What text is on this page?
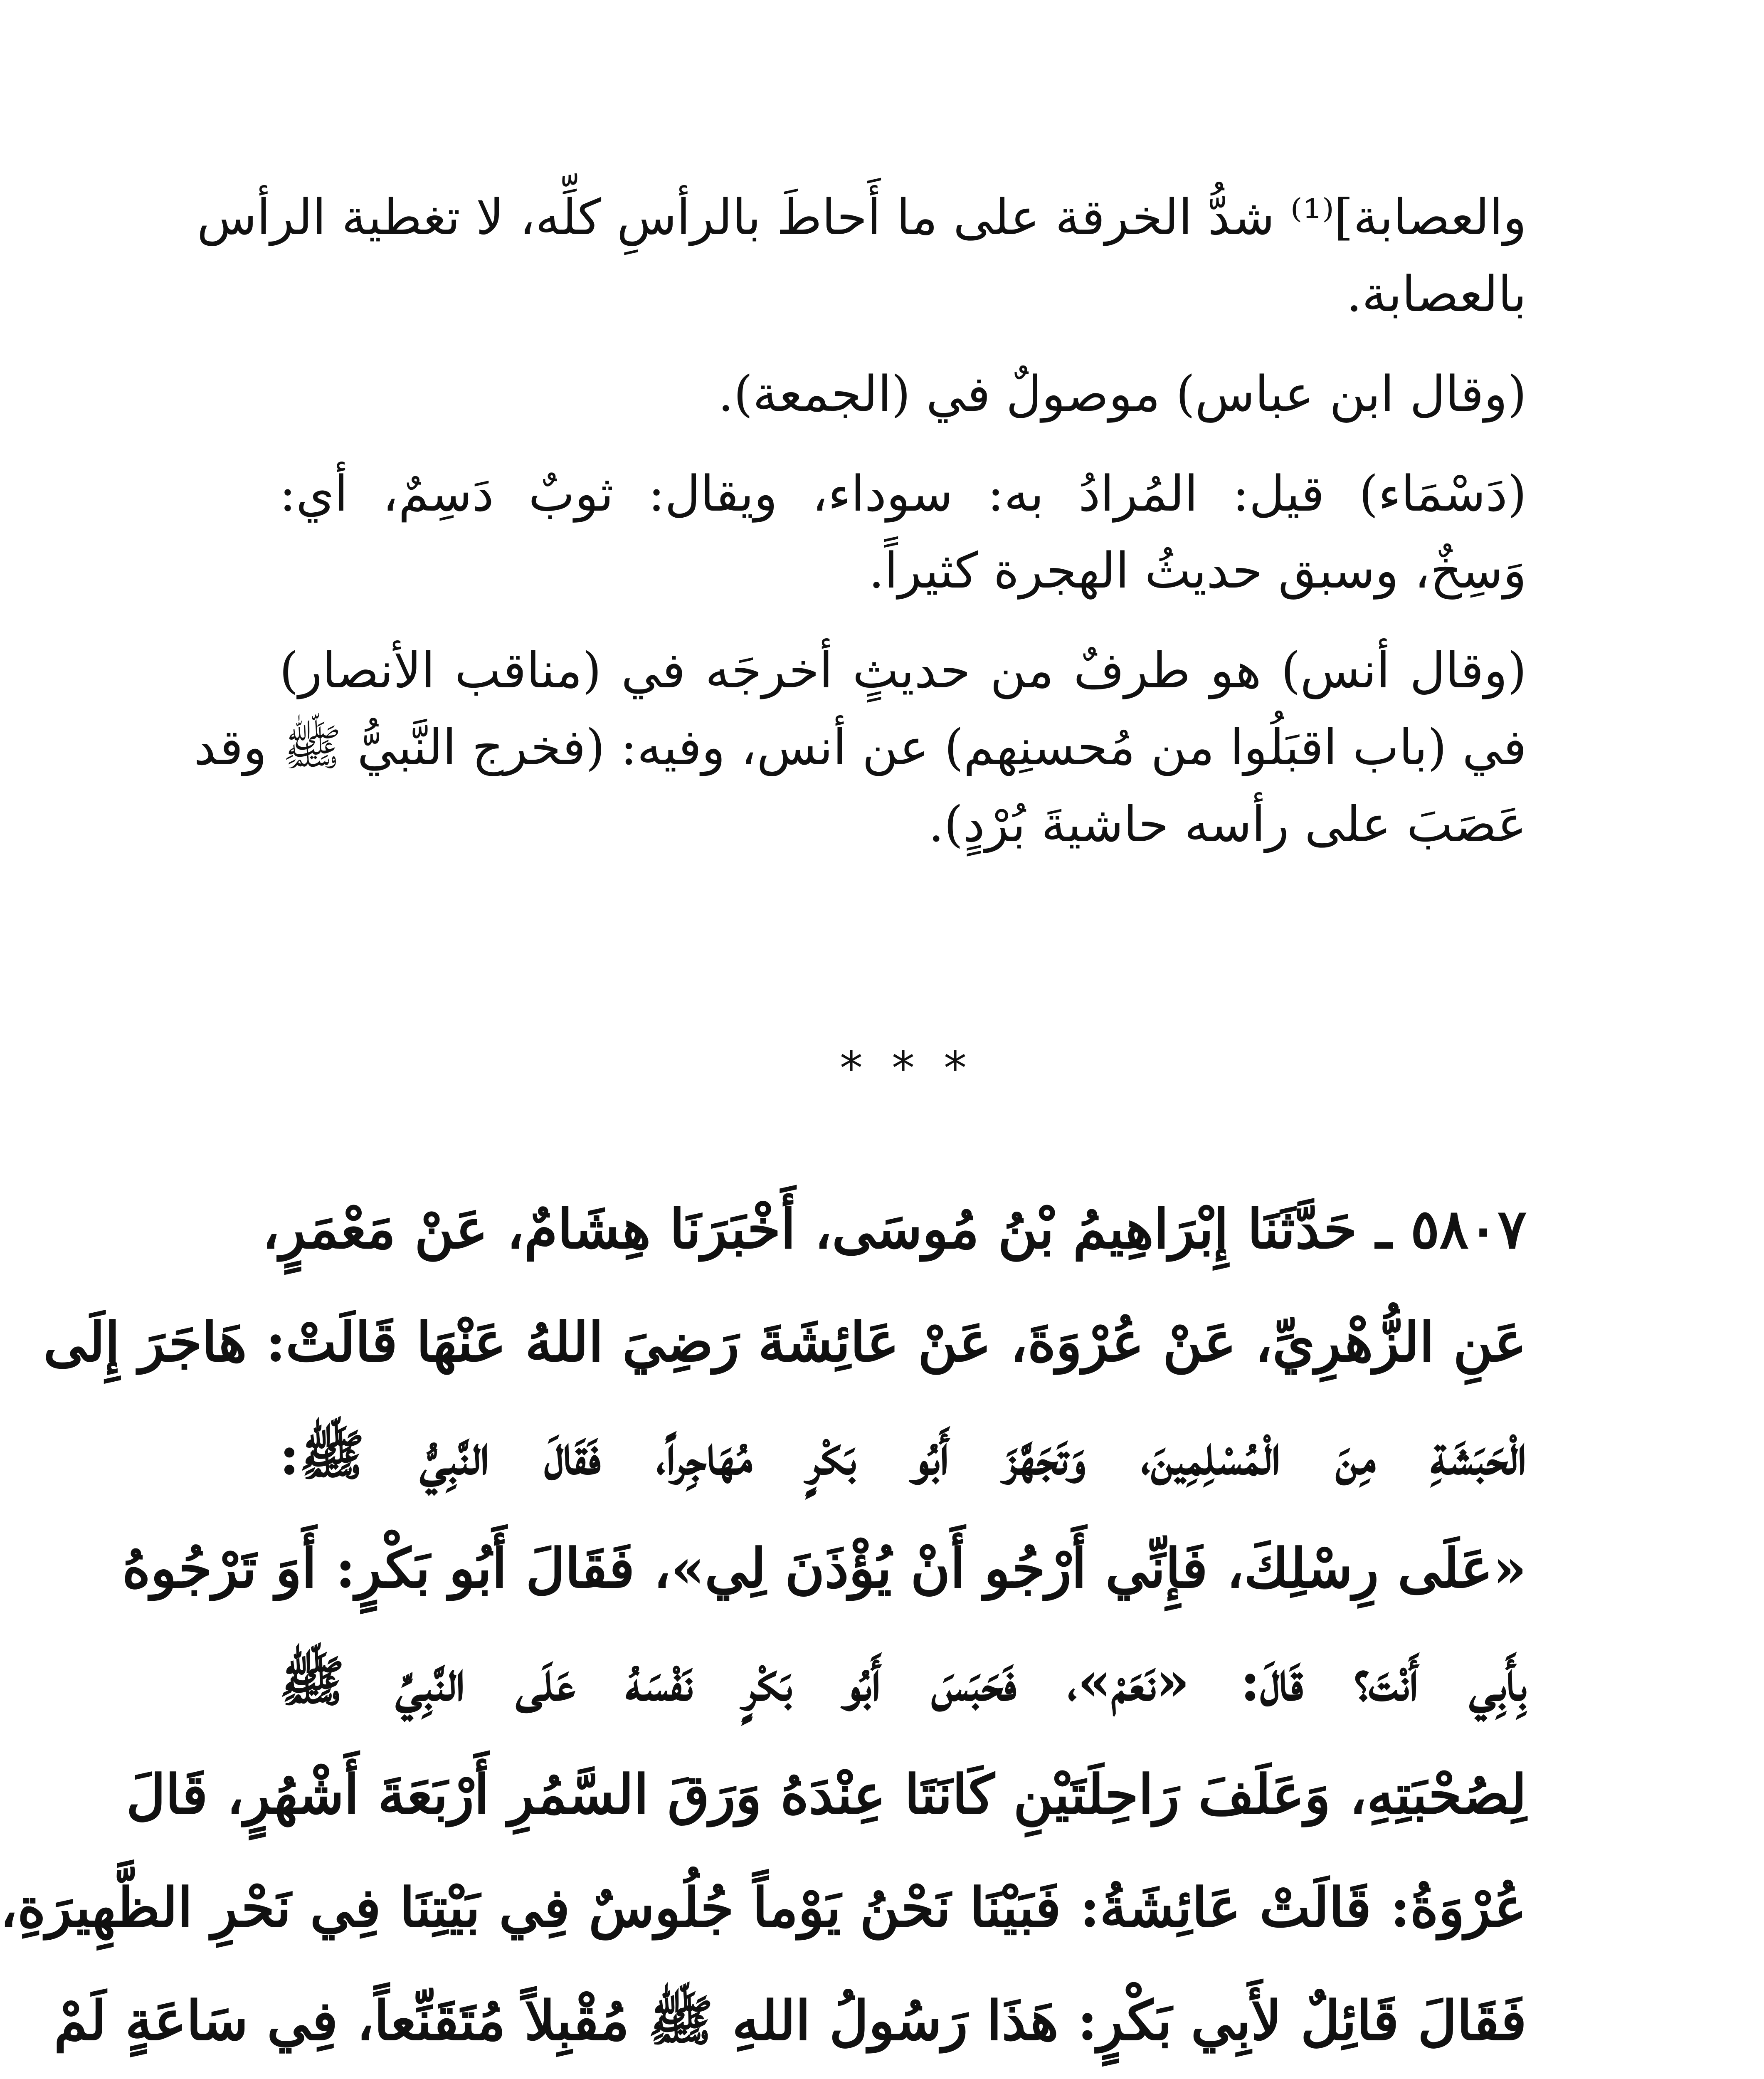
والعصابة]⁽¹⁾ شدُّ الخرقة على ما أَحاطَ بالرأسِ كلِّه، لا تغطية الرأس
بالعصابة.
(وقال ابن عباس) موصولٌ في (الجمعة).
(دَسْمَاء) قيل: المُرادُ به: سوداء، ويقال: ثوبٌ دَسِمٌ، أي:
وَسِخٌ، وسبق حديثُ الهجرة كثيراً.
(وقال أنس) هو طرفٌ من حديثٍ أخرجَه في (مناقب الأنصار)
في (باب اقبَلُوا من مُحسنِهم) عن أنس، وفيه: (فخرج النَّبيُّ ﷺ وقد
عَصَبَ على رأسه حاشيةَ بُرْدٍ).
***
٥٨٠٧ ـ حَدَّثَنَا إِبْرَاهِيمُ بْنُ مُوسَى، أَخْبَرَنَا هِشَامٌ، عَنْ مَعْمَرٍ،
عَنِ الزُّهْرِيِّ، عَنْ عُرْوَةَ، عَنْ عَائِشَةَ رَضِيَ اللهُ عَنْهَا قَالَتْ: هَاجَرَ إِلَى
الْحَبَشَةِ مِنَ الْمُسْلِمِينَ، وَتَجَهَّزَ أَبُو بَكْرٍ مُهَاجِراً، فَقَالَ النَّبِيُّ ﷺ:
«عَلَى رِسْلِكَ، فَإِنِّي أَرْجُو أَنْ يُؤْذَنَ لِي»، فَقَالَ أَبُو بَكْرٍ: أَوَ تَرْجُوهُ
بِأَبِي أَنْتَ؟ قَالَ: «نَعَمْ»، فَحَبَسَ أَبُو بَكْرٍ نَفْسَهُ عَلَى النَّبِيِّ ﷺ
لِصُحْبَتِهِ، وَعَلَفَ رَاحِلَتَيْنِ كَانَتَا عِنْدَهُ وَرَقَ السَّمُرِ أَرْبَعَةَ أَشْهُرٍ، قَالَ
عُرْوَةُ: قَالَتْ عَائِشَةُ: فَبَيْنَا نَحْنُ يَوْماً جُلُوسٌ فِي بَيْتِنَا فِي نَحْرِ الظَّهِيرَةِ،
فَقَالَ قَائِلٌ لأَبِي بَكْرٍ: هَذَا رَسُولُ اللهِ ﷺ مُقْبِلاً مُتَقَنِّعاً، فِي سَاعَةٍ لَمْ
